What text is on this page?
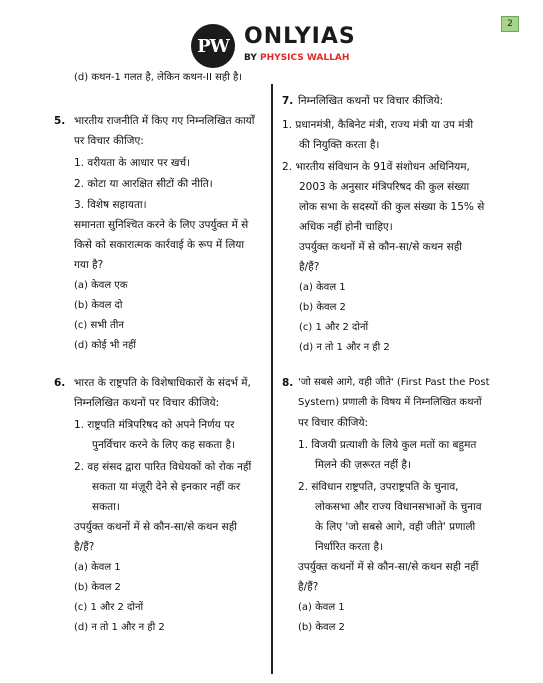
PW ONLYIAS
BY PHYSICS WALLAH
2
(d) कथन-1 गलत है, लेकिन कथन-II सही है।
5. भारतीय राजनीति में किए गए निम्नलिखित कार्यों
पर विचार कीजिए:
1. वरीयता के आधार पर खर्च।
2. कोटा या आरक्षित सीटों की नीति।
3. विशेष सहायता।
समानता सुनिश्चित करने के लिए उपर्युक्त में से
किसे को सकारात्मक कार्रवाई के रूप में लिया
गया है?
(a) केवल एक
(b) केवल दो
(c) सभी तीन
(d) कोई भी नहीं
6. भारत के राष्ट्रपति के विशेषाधिकारों के संदर्भ में,
निम्नलिखित कथनों पर विचार कीजिये:
1. राष्ट्रपति मंत्रिपरिषद को अपने निर्णय पर
पुनर्विचार करने के लिए कह सकता है।
2. वह संसद द्वारा पारित विधेयकों को रोक नहीं
सकता या मंज़ूरी देने से इनकार नहीं कर
सकता।
उपर्युक्त कथनों में से कौन-सा/से कथन सही
है/हैं?
(a) केवल 1
(b) केवल 2
(c) 1 और 2 दोनों
(d) न तो 1 और न ही 2
7. निम्नलिखित कथनों पर विचार कीजिये:
1. प्रधानमंत्री, कैबिनेट मंत्री, राज्य मंत्री या उप मंत्री
की नियुक्ति करता है।
2. भारतीय संविधान के 91वें संशोधन अधिनियम,
2003 के अनुसार मंत्रिपरिषद की कुल संख्या
लोक सभा के सदस्यों की कुल संख्या के 15% से
अधिक नहीं होनी चाहिए।
उपर्युक्त कथनों में से कौन-सा/से कथन सही
है/हैं?
(a) केवल 1
(b) केवल 2
(c) 1 और 2 दोनों
(d) न तो 1 और न ही 2
8. 'जो सबसे आगे, वही जीते' (First Past the Post
System) प्रणाली के विषय में निम्नलिखित कथनों
पर विचार कीजिये:
1. विजयी प्रत्याशी के लिये कुल मतों का बहुमत
मिलने की ज़रूरत नहीं है।
2. संविधान राष्ट्रपति, उपराष्ट्रपति के चुनाव,
लोकसभा और राज्य विधानसभाओं के चुनाव
के लिए 'जो सबसे आगे, वही जीते' प्रणाली
निर्धारित करता है।
उपर्युक्त कथनों में से कौन-सा/से कथन सही नहीं
है/हैं?
(a) केवल 1
(b) केवल 2
